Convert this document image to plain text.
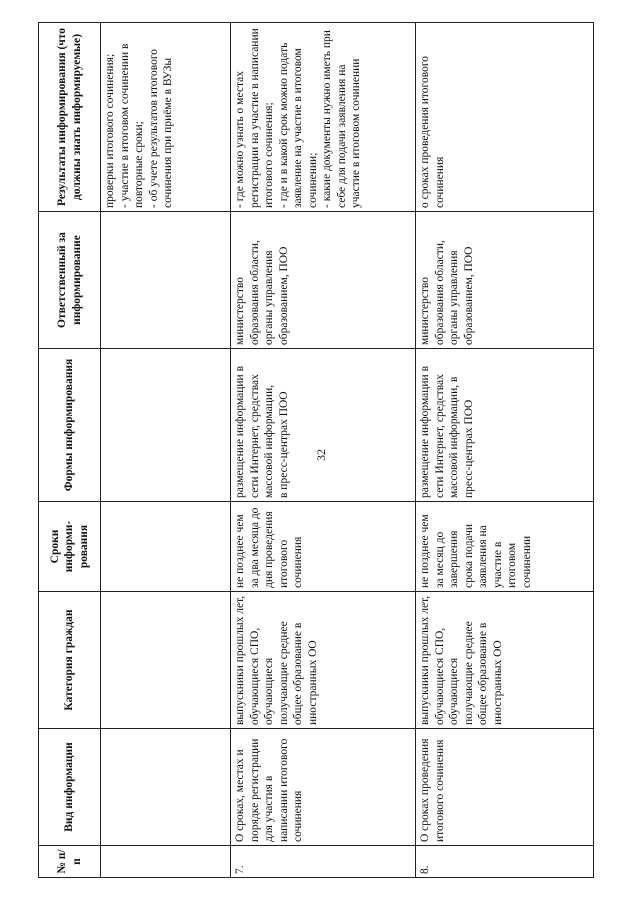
32
№ п/п	Вид информации	Категория граждан	Сроки информи-рования	Формы информирования	Ответственный за информирование	Результаты информирования (что должны знать информируемые)
						проверки итогового сочинения;
- участие в итоговом сочинении в повторные сроки;
- об учете результатов итогового сочинения при приёме в ВУЗы
7.	О сроках, местах и порядке регистрации для участия в написании итогового сочинения	выпускники прошлых лет, обучающиеся СПО, обучающиеся получающие среднее общее образование в иностранных ОО	не позднее чем за два месяца до дня проведения итогового сочинения	размещение информации в сети Интернет, средствах массовой информации,
в пресс-центрах ПОО	министерство образования области, органы управления образованием, ПОО	- где можно узнать о местах регистрации на участие в написании итогового сочинения;
- где и в какой срок можно подать заявление на участие в итоговом сочинении;
- какие документы нужно иметь при себе для подачи заявления на участие в итоговом сочинении
8.	О сроках проведения итогового сочинения	выпускники прошлых лет, обучающиеся СПО, обучающиеся получающие среднее общее образование в иностранных ОО	не позднее чем за месяц до завершения срока подачи заявления на участие в итоговом сочинении	размещение информации в сети Интернет, средствах массовой информации, в пресс-центрах ПОО	министерство образования области, органы управления образованием, ПОО	о сроках проведения итогового сочинения
